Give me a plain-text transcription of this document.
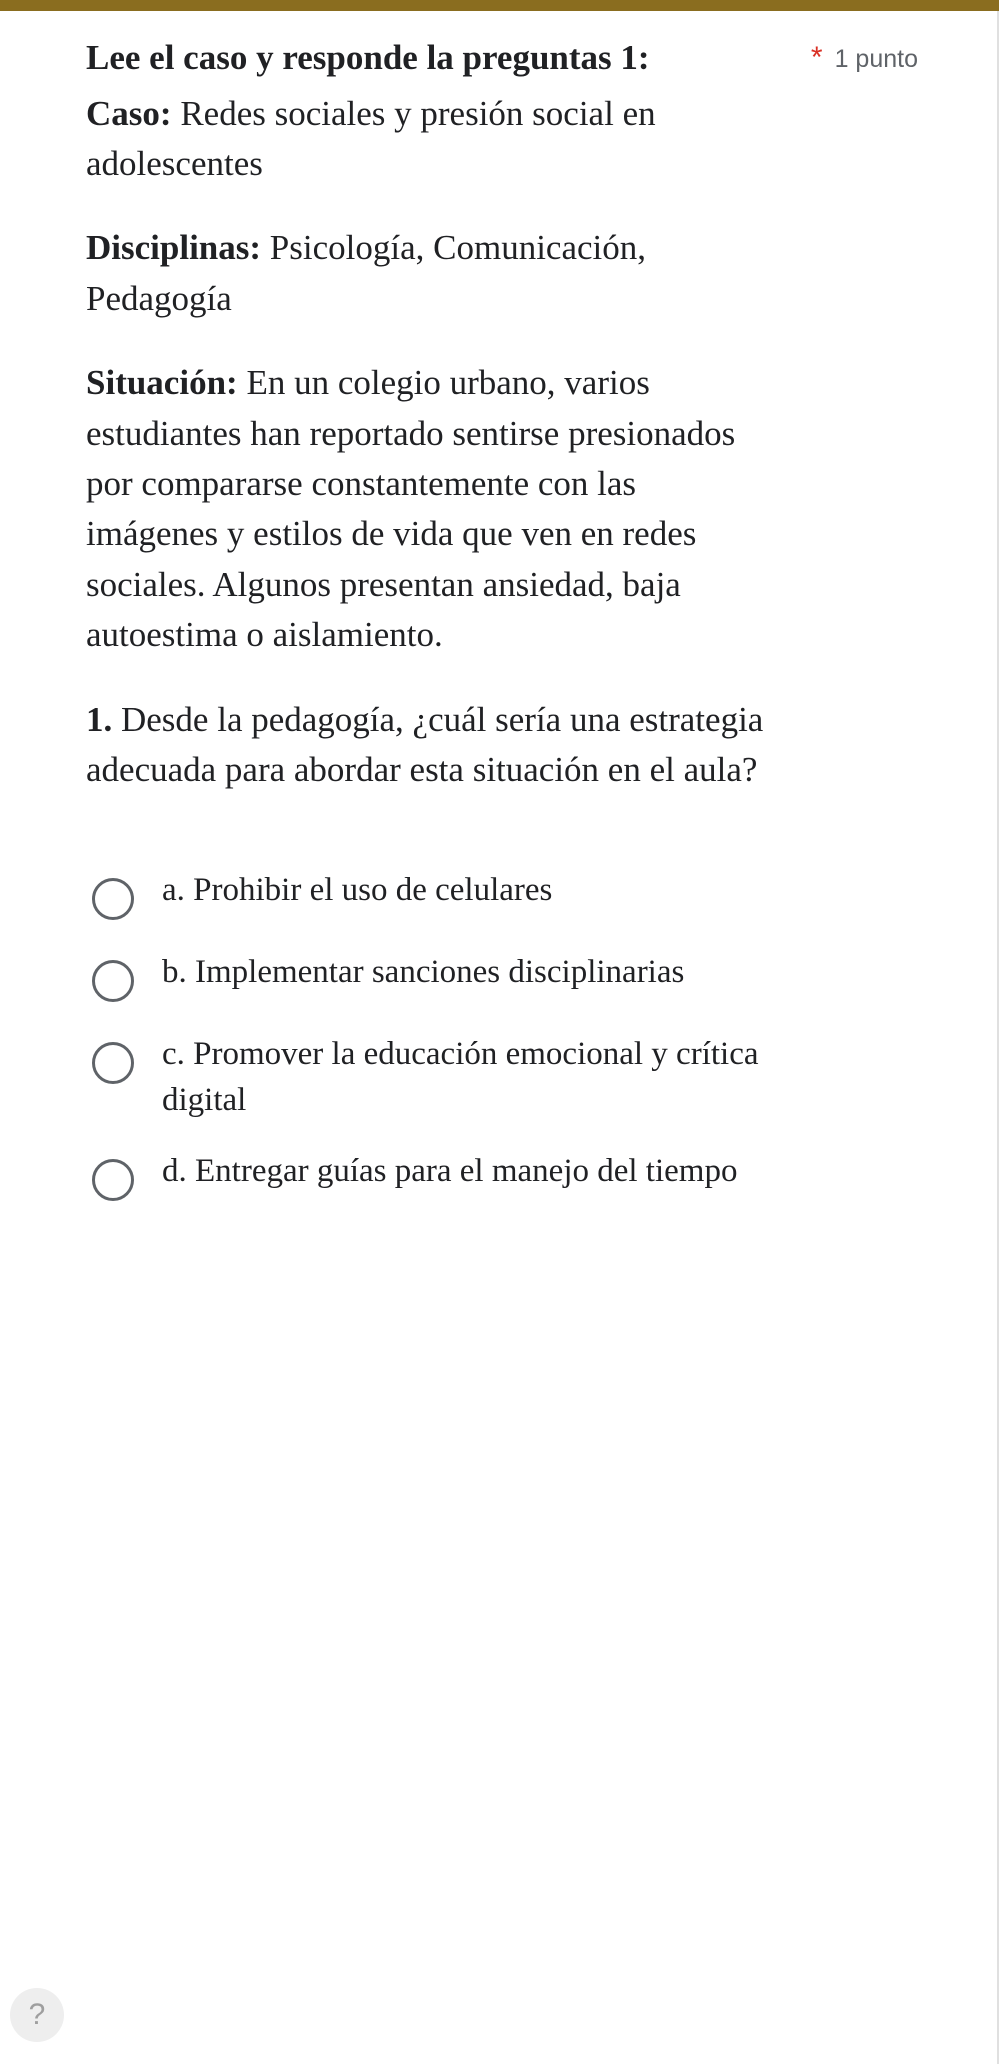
Lee el caso y responde la preguntas 1:	* 1 punto
Caso: Redes sociales y presión social en adolescentes
Disciplinas: Psicología, Comunicación, Pedagogía
Situación: En un colegio urbano, varios estudiantes han reportado sentirse presionados por compararse constantemente con las imágenes y estilos de vida que ven en redes sociales. Algunos presentan ansiedad, baja autoestima o aislamiento.
1. Desde la pedagogía, ¿cuál sería una estrategia adecuada para abordar esta situación en el aula?
a. Prohibir el uso de celulares
b. Implementar sanciones disciplinarias
c. Promover la educación emocional y crítica digital
d. Entregar guías para el manejo del tiempo
?
